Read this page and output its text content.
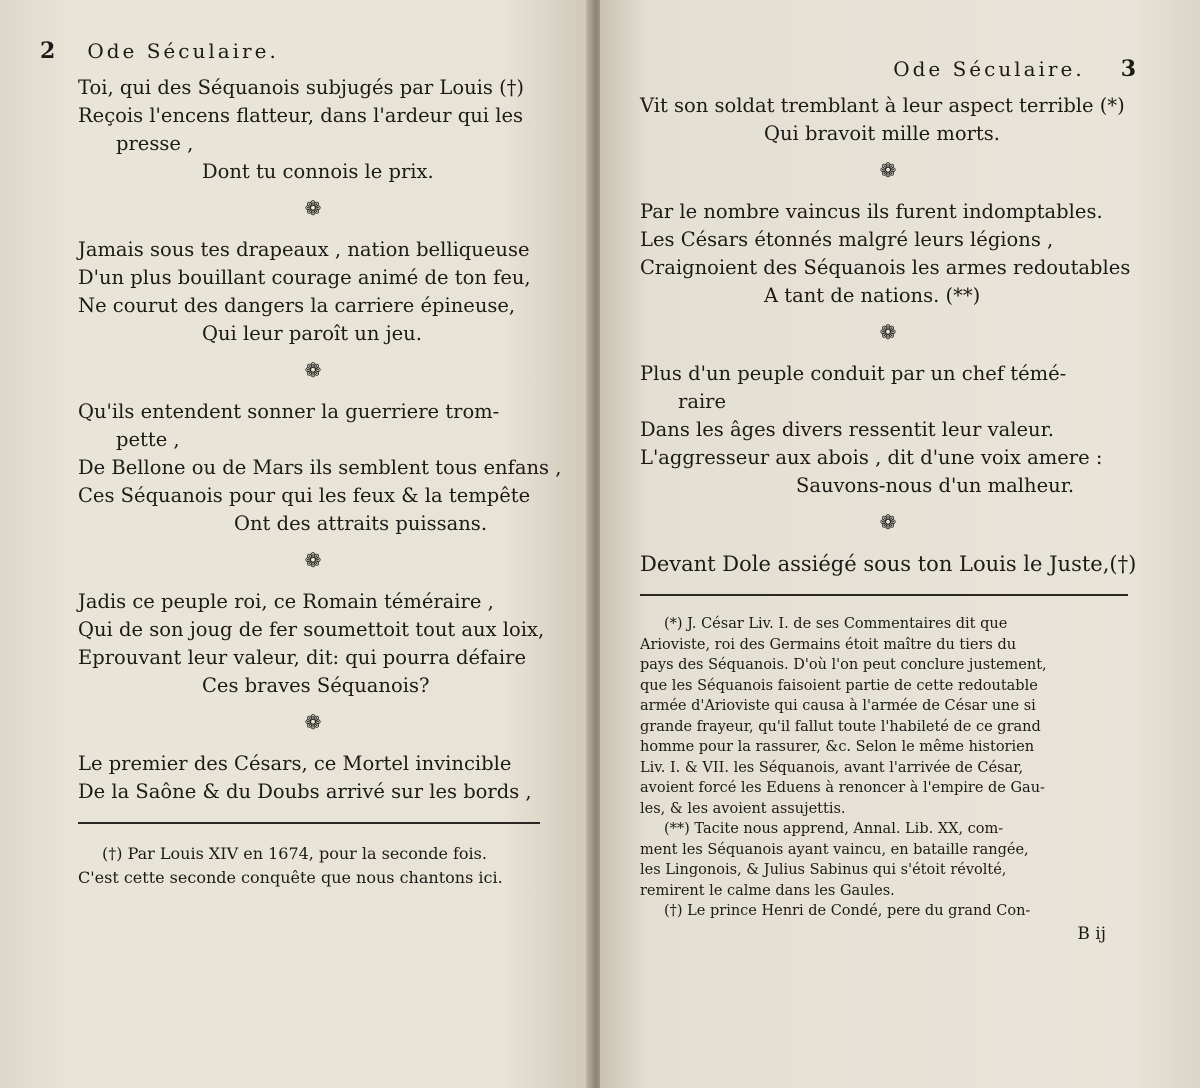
2 Ode Séculaire.
Toi, qui des Séquanois subjugés par Louis (†)
Reçois l'encens flatteur, dans l'ardeur qui les
presse ,
Dont tu connois le prix.
❁
Jamais sous tes drapeaux , nation belliqueuse
D'un plus bouillant courage animé de ton feu,
Ne courut des dangers la carriere épineuse,
Qui leur paroît un jeu.
❁
Qu'ils entendent sonner la guerriere trom-
pette ,
De Bellone ou de Mars ils semblent tous enfans ,
Ces Séquanois pour qui les feux & la tempête
Ont des attraits puissans.
❁
Jadis ce peuple roi, ce Romain téméraire ,
Qui de son joug de fer soumettoit tout aux loix,
Eprouvant leur valeur, dit: qui pourra défaire
Ces braves Séquanois?
❁
Le premier des Césars, ce Mortel invincible
De la Saône & du Doubs arrivé sur les bords ,
(†) Par Louis XIV en 1674, pour la seconde fois.
C'est cette seconde conquête que nous chantons ici.
Ode Séculaire. 3
Vit son soldat tremblant à leur aspect terrible (*)
Qui bravoit mille morts.
❁
Par le nombre vaincus ils furent indomptables.
Les Césars étonnés malgré leurs légions ,
Craignoient des Séquanois les armes redoutables
A tant de nations. (**)
❁
Plus d'un peuple conduit par un chef témé-
raire
Dans les âges divers ressentit leur valeur.
L'aggresseur aux abois , dit d'une voix amere :
Sauvons-nous d'un malheur.
❁
Devant Dole assiégé sous ton Louis le Juste,(†)
(*) J. César Liv. I. de ses Commentaires dit que
Arioviste, roi des Germains étoit maître du tiers du
pays des Séquanois. D'où l'on peut conclure justement,
que les Séquanois faisoient partie de cette redoutable
armée d'Arioviste qui causa à l'armée de César une si
grande frayeur, qu'il fallut toute l'habileté de ce grand
homme pour la rassurer, &c. Selon le même historien
Liv. I. & VII. les Séquanois, avant l'arrivée de César,
avoient forcé les Eduens à renoncer à l'empire de Gau-
les, & les avoient assujettis.
(**) Tacite nous apprend, Annal. Lib. XX, com-
ment les Séquanois ayant vaincu, en bataille rangée,
les Lingonois, & Julius Sabinus qui s'étoit révolté,
remirent le calme dans les Gaules.
(†) Le prince Henri de Condé, pere du grand Con-
B ij
